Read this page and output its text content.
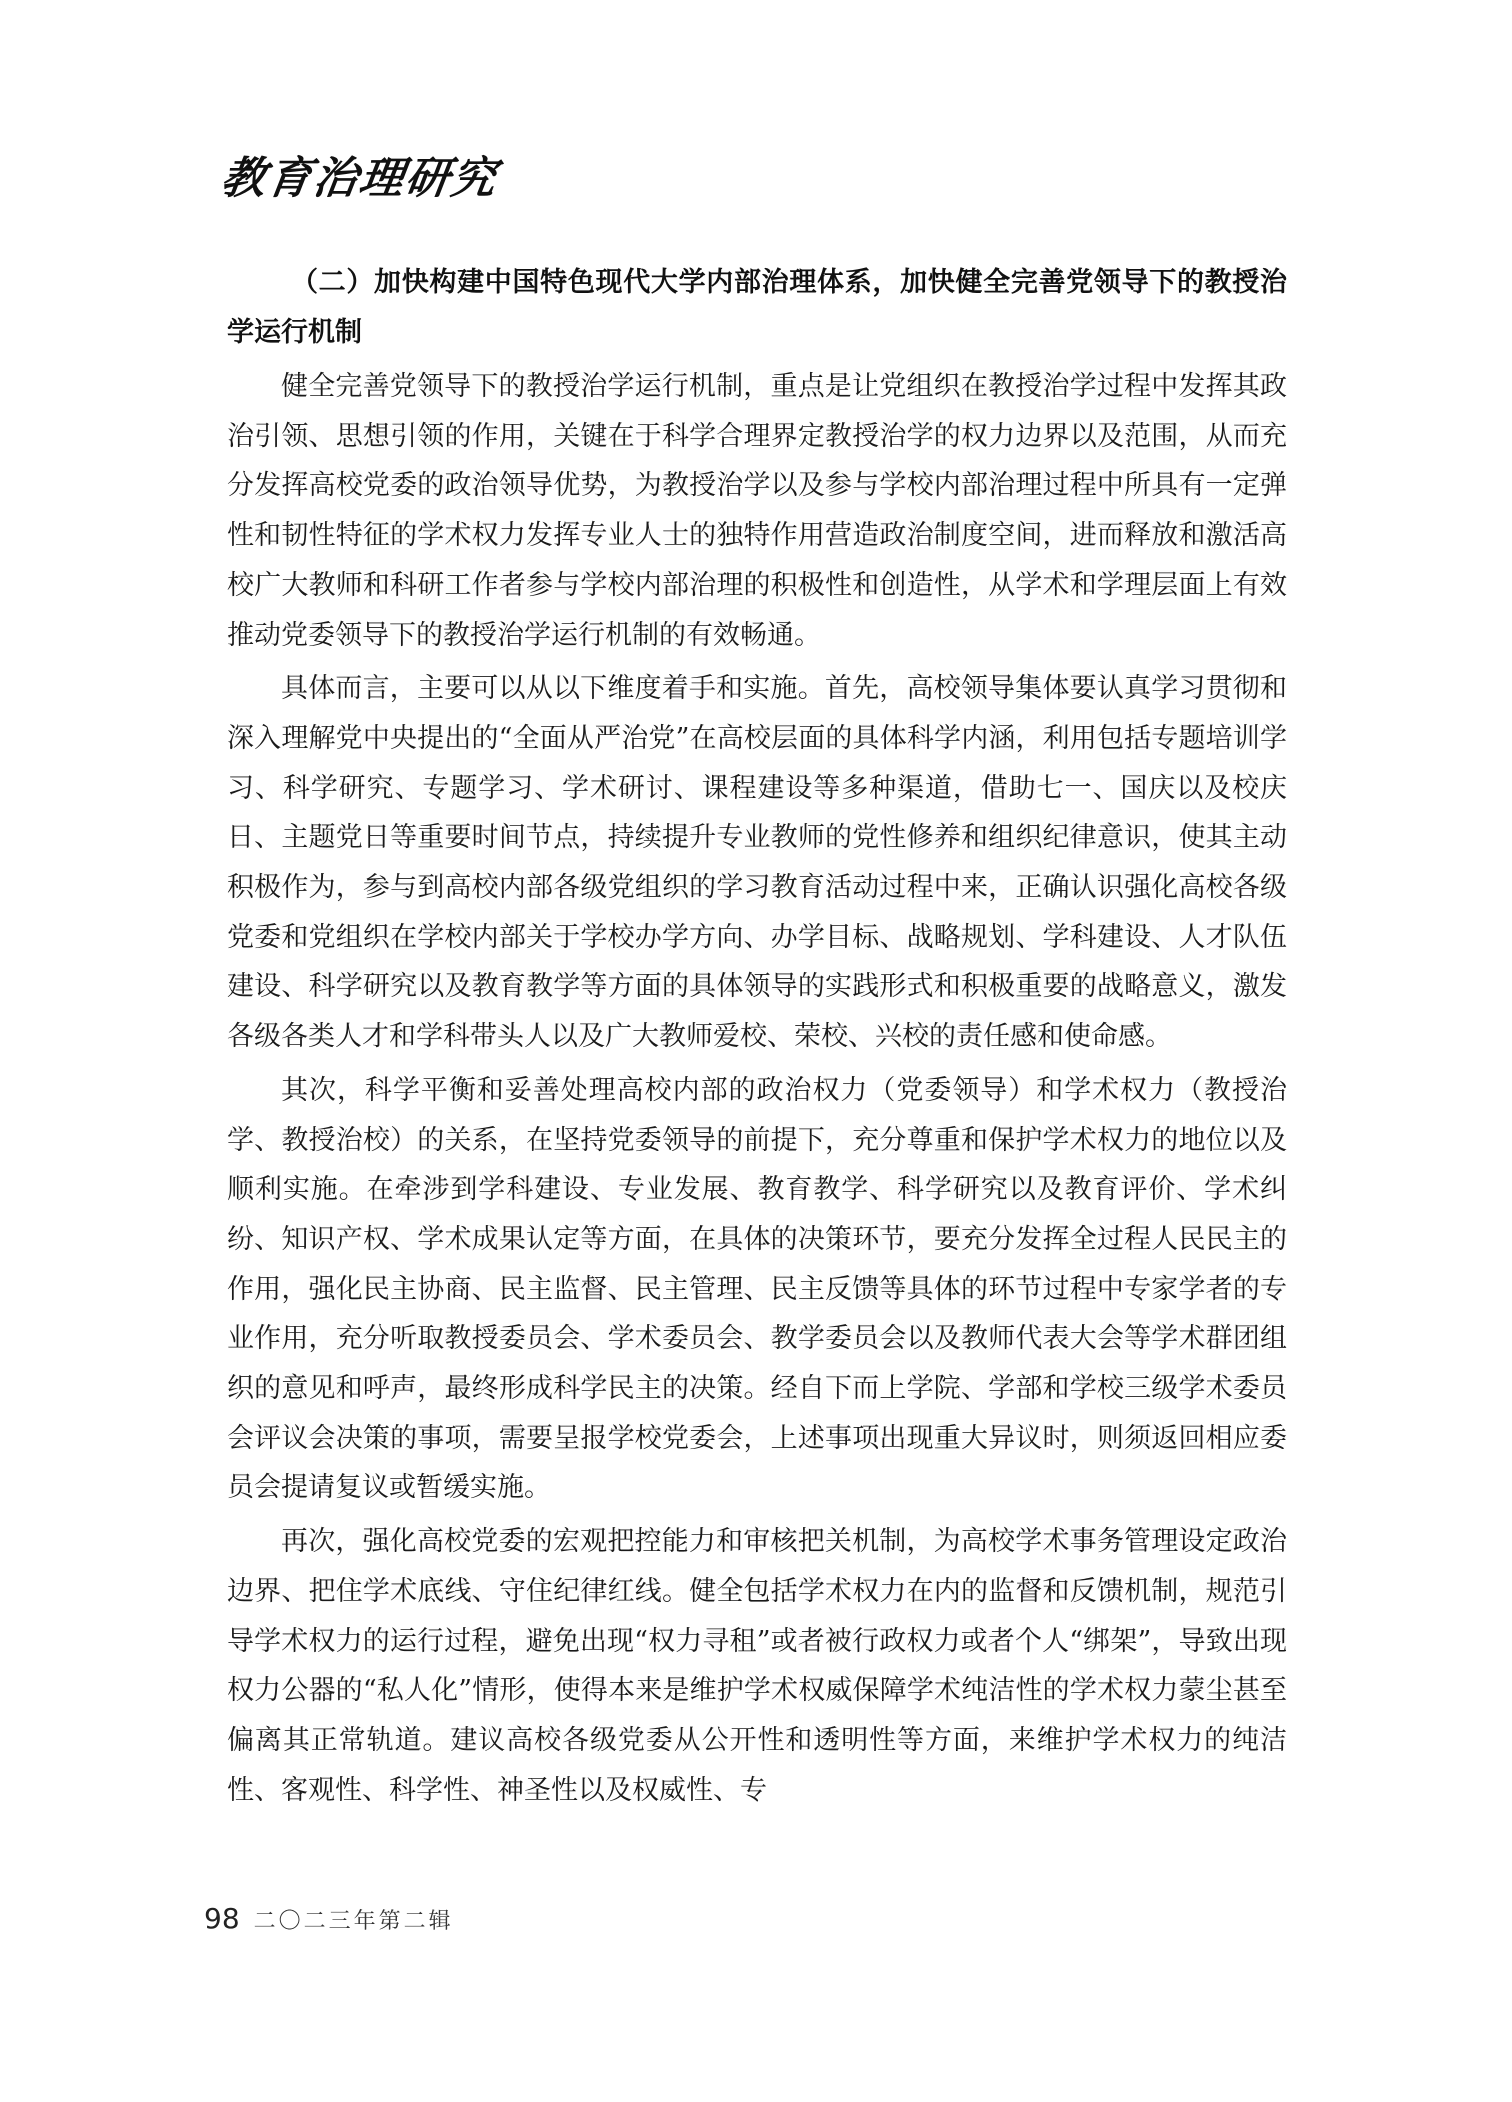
教育治理研究

（二）加快构建中国特色现代大学内部治理体系，加快健全完善党领导下的教授治学运行机制

健全完善党领导下的教授治学运行机制，重点是让党组织在教授治学过程中发挥其政治引领、思想引领的作用，关键在于科学合理界定教授治学的权力边界以及范围，从而充分发挥高校党委的政治领导优势，为教授治学以及参与学校内部治理过程中所具有一定弹性和韧性特征的学术权力发挥专业人士的独特作用营造政治制度空间，进而释放和激活高校广大教师和科研工作者参与学校内部治理的积极性和创造性，从学术和学理层面上有效推动党委领导下的教授治学运行机制的有效畅通。

具体而言，主要可以从以下维度着手和实施。首先，高校领导集体要认真学习贯彻和深入理解党中央提出的“全面从严治党”在高校层面的具体科学内涵，利用包括专题培训学习、科学研究、专题学习、学术研讨、课程建设等多种渠道，借助七一、国庆以及校庆日、主题党日等重要时间节点，持续提升专业教师的党性修养和组织纪律意识，使其主动积极作为，参与到高校内部各级党组织的学习教育活动过程中来，正确认识强化高校各级党委和党组织在学校内部关于学校办学方向、办学目标、战略规划、学科建设、人才队伍建设、科学研究以及教育教学等方面的具体领导的实践形式和积极重要的战略意义，激发各级各类人才和学科带头人以及广大教师爱校、荣校、兴校的责任感和使命感。

其次，科学平衡和妥善处理高校内部的政治权力（党委领导）和学术权力（教授治学、教授治校）的关系，在坚持党委领导的前提下，充分尊重和保护学术权力的地位以及顺利实施。在牵涉到学科建设、专业发展、教育教学、科学研究以及教育评价、学术纠纷、知识产权、学术成果认定等方面，在具体的决策环节，要充分发挥全过程人民民主的作用，强化民主协商、民主监督、民主管理、民主反馈等具体的环节过程中专家学者的专业作用，充分听取教授委员会、学术委员会、教学委员会以及教师代表大会等学术群团组织的意见和呼声，最终形成科学民主的决策。经自下而上学院、学部和学校三级学术委员会评议会决策的事项，需要呈报学校党委会，上述事项出现重大异议时，则须返回相应委员会提请复议或暂缓实施。

再次，强化高校党委的宏观把控能力和审核把关机制，为高校学术事务管理设定政治边界、把住学术底线、守住纪律红线。健全包括学术权力在内的监督和反馈机制，规范引导学术权力的运行过程，避免出现“权力寻租”或者被行政权力或者个人“绑架”，导致出现权力公器的“私人化”情形，使得本来是维护学术权威保障学术纯洁性的学术权力蒙尘甚至偏离其正常轨道。建议高校各级党委从公开性和透明性等方面，来维护学术权力的纯洁性、客观性、科学性、神圣性以及权威性、专

98 二〇二三年第二辑
